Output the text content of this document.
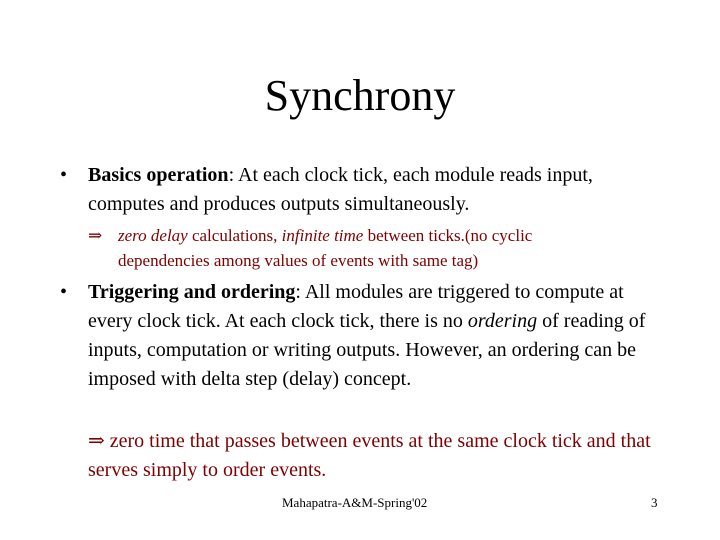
Synchrony
• Basics operation: At each clock tick, each module reads input, computes and produces outputs simultaneously.
⇒ zero delay calculations, infinite time between ticks.(no cyclic dependencies among values of events with same tag)
• Triggering and ordering: All modules are triggered to compute at every clock tick. At each clock tick, there is no ordering of reading of inputs, computation or writing outputs. However, an ordering can be imposed with delta step (delay) concept.
⇒ zero time that passes between events at the same clock tick and that serves simply to order events.
Mahapatra-A&M-Spring'02	3
